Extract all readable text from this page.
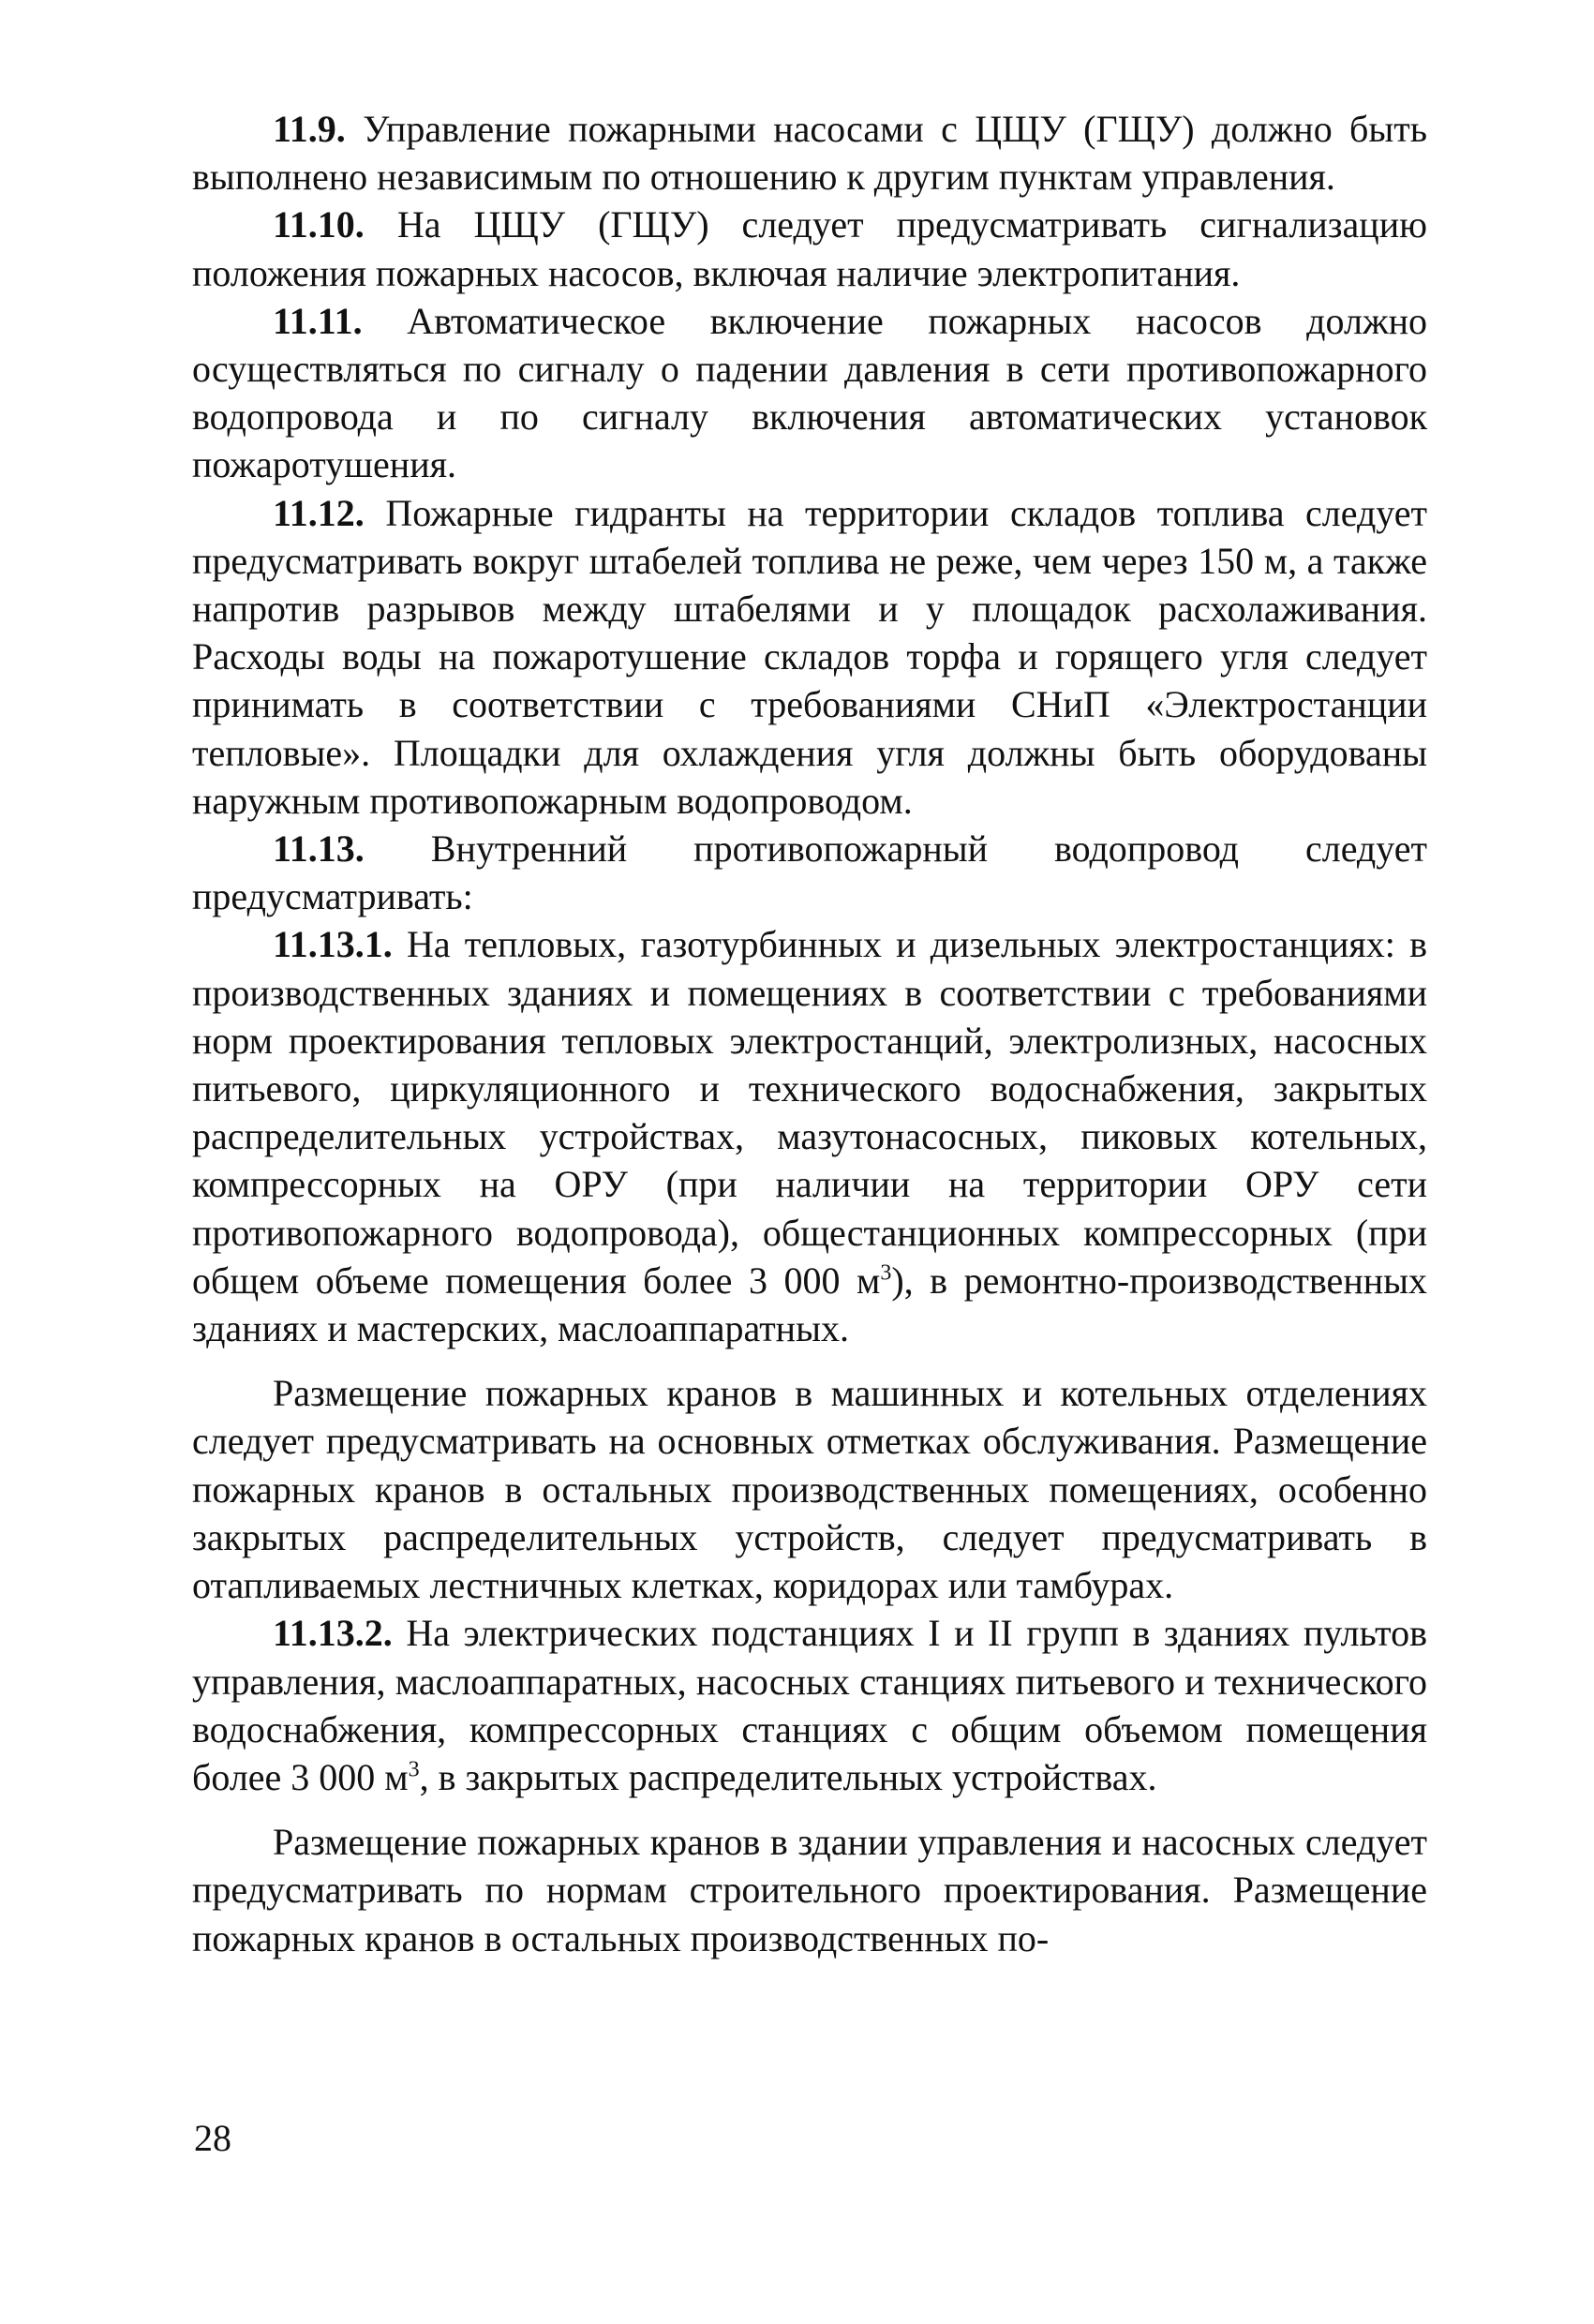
11.9. Управление пожарными насосами с ЦЩУ (ГЩУ) должно быть выполнено независимым по отношению к другим пунктам управления.

11.10. На ЦЩУ (ГЩУ) следует предусматривать сигнализацию положения пожарных насосов, включая наличие электропитания.

11.11. Автоматическое включение пожарных насосов должно осуществляться по сигналу о падении давления в сети противопожарного водопровода и по сигналу включения автоматических установок пожаротушения.

11.12. Пожарные гидранты на территории складов топлива следует предусматривать вокруг штабелей топлива не реже, чем через 150 м, а также напротив разрывов между штабелями и у площадок расхолаживания. Расходы воды на пожаротушение складов торфа и горящего угля следует принимать в соответствии с требованиями СНиП «Электростанции тепловые». Площадки для охлаждения угля должны быть оборудованы наружным противопожарным водопроводом.

11.13. Внутренний противопожарный водопровод следует предусматривать:

11.13.1. На тепловых, газотурбинных и дизельных электростанциях: в производственных зданиях и помещениях в соответствии с требованиями норм проектирования тепловых электростанций, электролизных, насосных питьевого, циркуляционного и технического водоснабжения, закрытых распределительных устройствах, мазутонасосных, пиковых котельных, компрессорных на ОРУ (при наличии на территории ОРУ сети противопожарного водопровода), общестанционных компрессорных (при общем объеме помещения более 3 000 $м^3$), в ремонтно-производственных зданиях и мастерских, маслоаппаратных.

Размещение пожарных кранов в машинных и котельных отделениях следует предусматривать на основных отметках обслуживания. Размещение пожарных кранов в остальных производственных помещениях, особенно закрытых распределительных устройств, следует предусматривать в отапливаемых лестничных клетках, коридорах или тамбурах.

11.13.2. На электрических подстанциях I и II групп в зданиях пультов управления, маслоаппаратных, насосных станциях питьевого и технического водоснабжения, компрессорных станциях с общим объемом помещения более 3 000 $м^3$, в закрытых распределительных устройствах.

Размещение пожарных кранов в здании управления и насосных следует предусматривать по нормам строительного проектирования. Размещение пожарных кранов в остальных производственных по-

28
